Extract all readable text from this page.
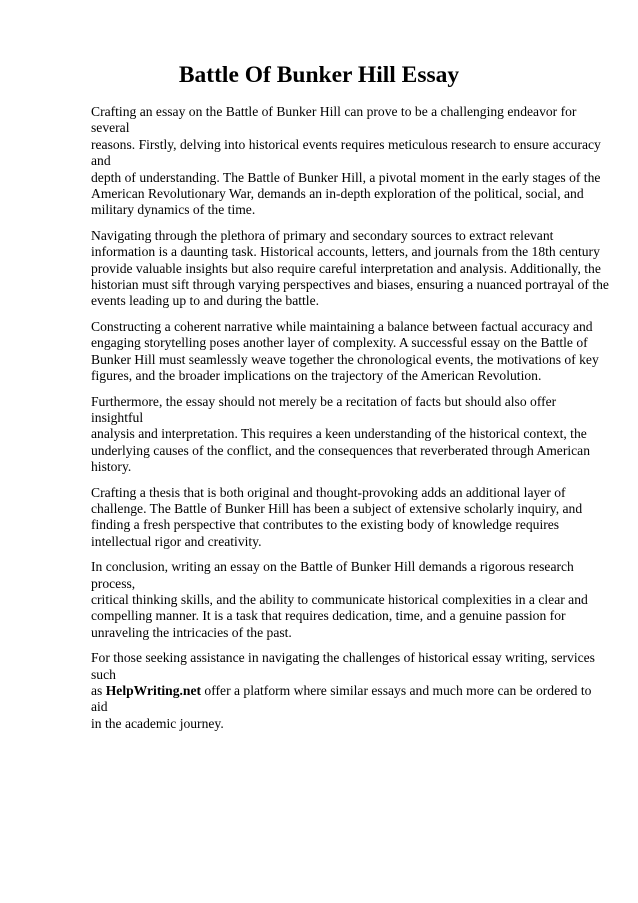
Battle Of Bunker Hill Essay

Crafting an essay on the Battle of Bunker Hill can prove to be a challenging endeavor for several
reasons. Firstly, delving into historical events requires meticulous research to ensure accuracy and
depth of understanding. The Battle of Bunker Hill, a pivotal moment in the early stages of the
American Revolutionary War, demands an in-depth exploration of the political, social, and
military dynamics of the time.

Navigating through the plethora of primary and secondary sources to extract relevant
information is a daunting task. Historical accounts, letters, and journals from the 18th century
provide valuable insights but also require careful interpretation and analysis. Additionally, the
historian must sift through varying perspectives and biases, ensuring a nuanced portrayal of the
events leading up to and during the battle.

Constructing a coherent narrative while maintaining a balance between factual accuracy and
engaging storytelling poses another layer of complexity. A successful essay on the Battle of
Bunker Hill must seamlessly weave together the chronological events, the motivations of key
figures, and the broader implications on the trajectory of the American Revolution.

Furthermore, the essay should not merely be a recitation of facts but should also offer insightful
analysis and interpretation. This requires a keen understanding of the historical context, the
underlying causes of the conflict, and the consequences that reverberated through American
history.

Crafting a thesis that is both original and thought-provoking adds an additional layer of
challenge. The Battle of Bunker Hill has been a subject of extensive scholarly inquiry, and
finding a fresh perspective that contributes to the existing body of knowledge requires
intellectual rigor and creativity.

In conclusion, writing an essay on the Battle of Bunker Hill demands a rigorous research process,
critical thinking skills, and the ability to communicate historical complexities in a clear and
compelling manner. It is a task that requires dedication, time, and a genuine passion for
unraveling the intricacies of the past.

For those seeking assistance in navigating the challenges of historical essay writing, services such
as HelpWriting.net offer a platform where similar essays and much more can be ordered to aid
in the academic journey.
